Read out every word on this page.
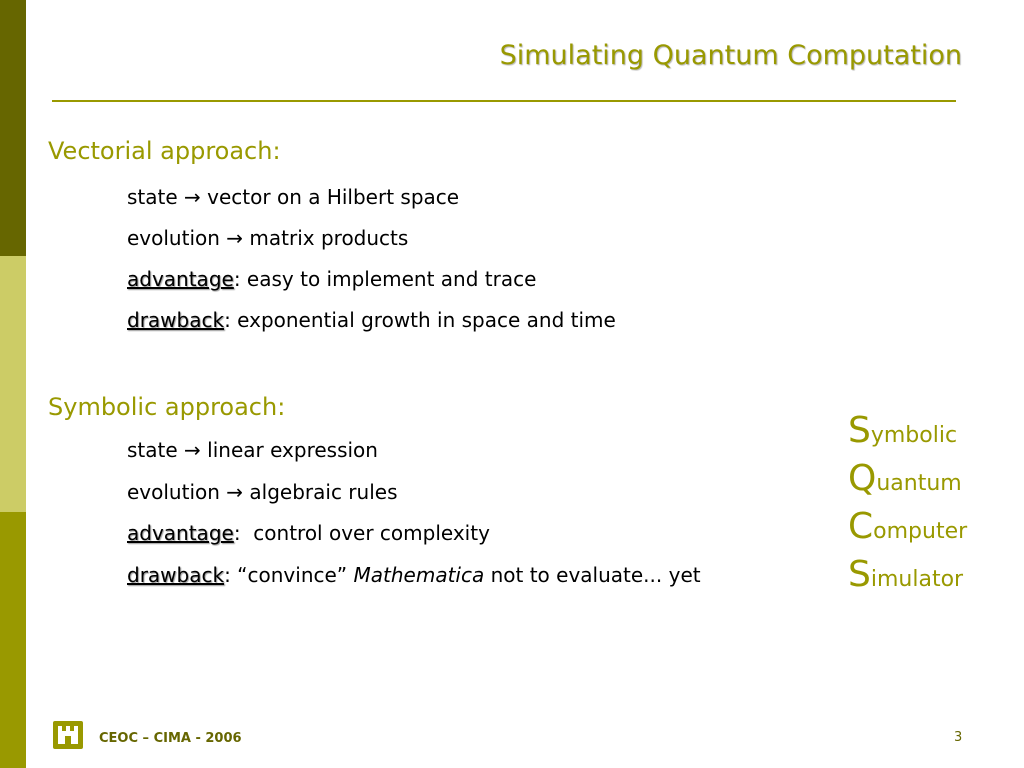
Simulating Quantum Computation
Vectorial approach:
state → vector on a Hilbert space
evolution → matrix products
advantage: easy to implement and trace
drawback: exponential growth in space and time
Symbolic approach:
state → linear expression
evolution → algebraic rules
advantage:  control over complexity
drawback: “convince” Mathematica not to evaluate... yet
Symbolic
Quantum
Computer
Simulator
CEOC – CIMA - 2006	3
